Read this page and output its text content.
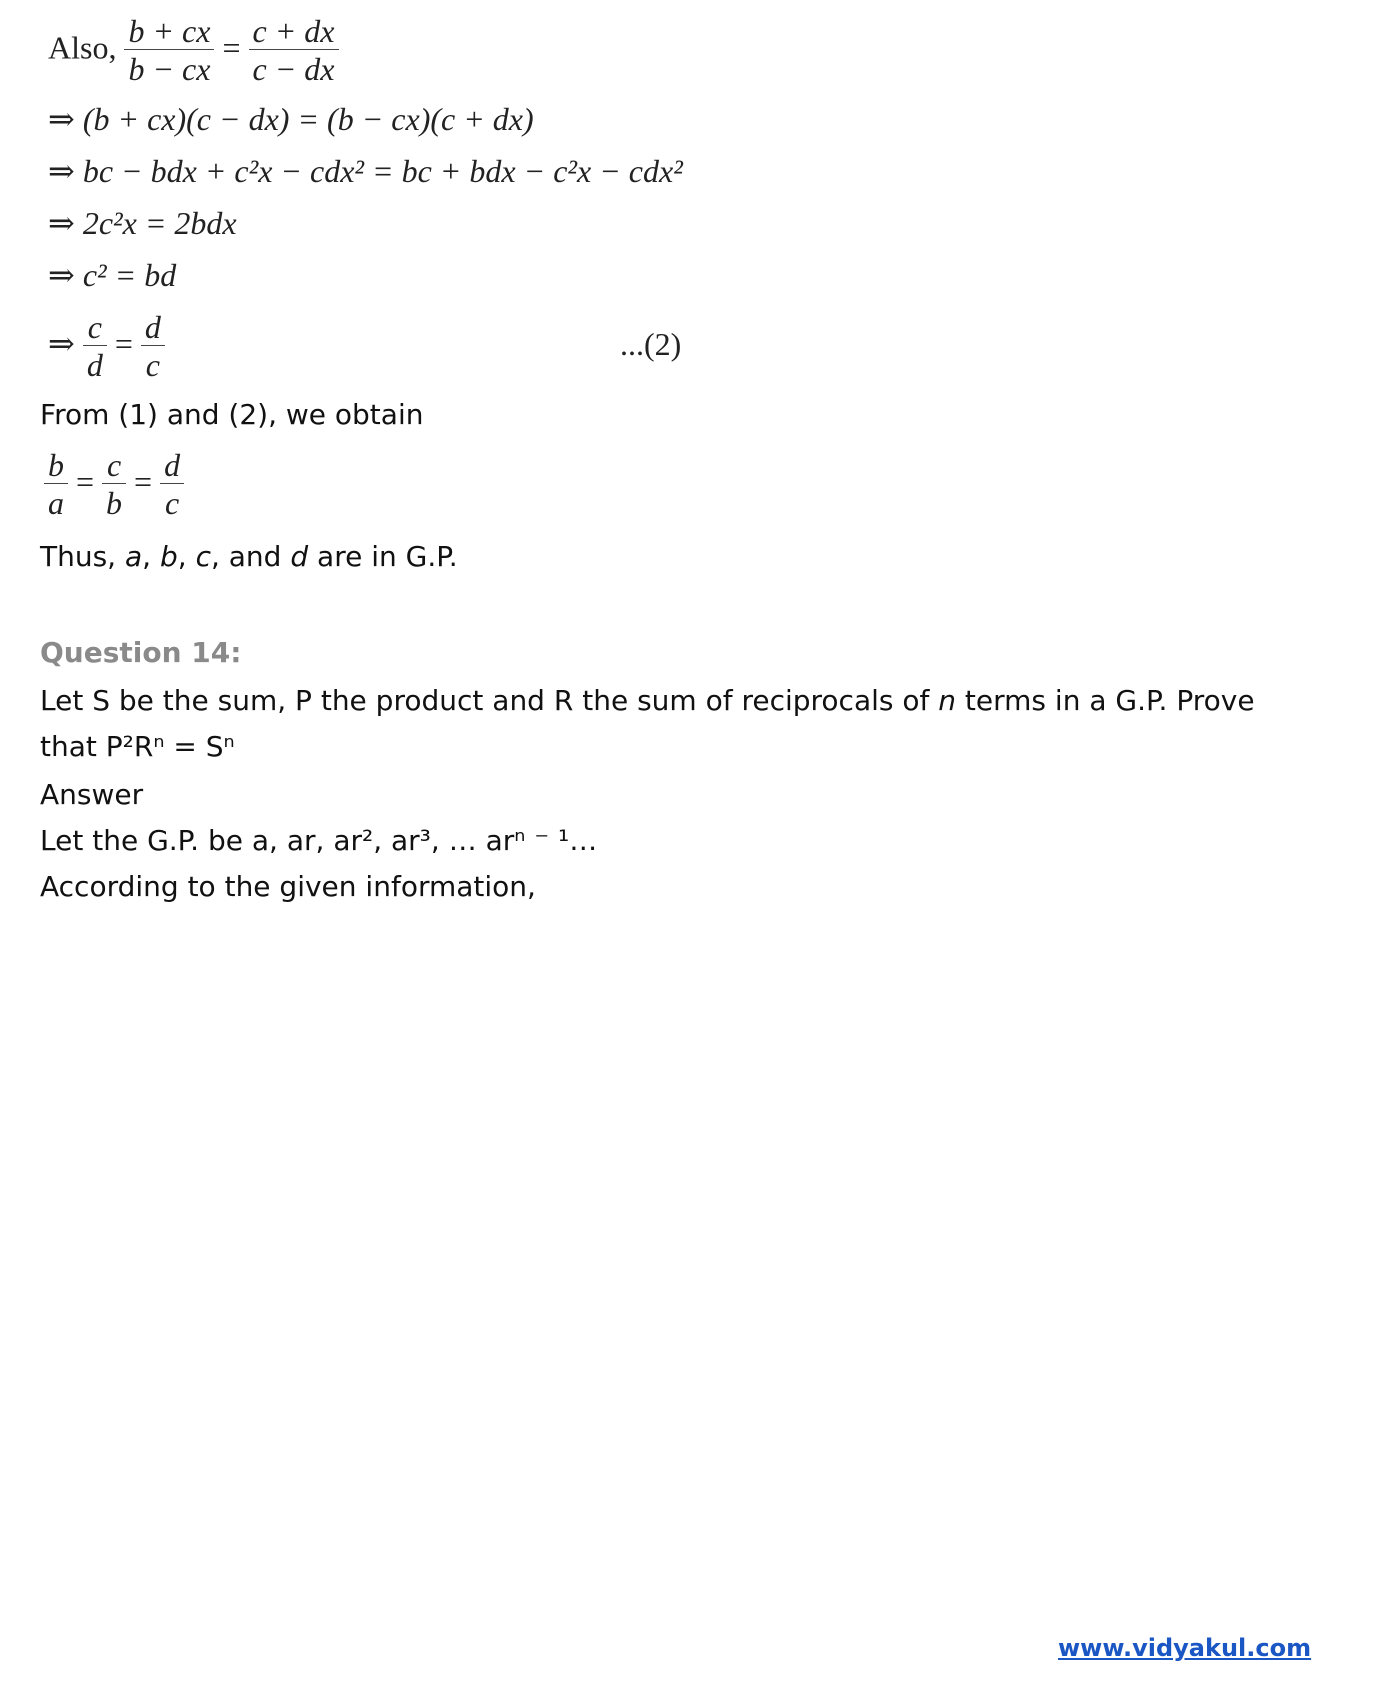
Also, $\frac{b + cx}{b - cx} = \frac{c + dx}{c - dx}$
⇒ (b + cx)(c − dx) = (b − cx)(c + dx)
⇒ bc − bdx + c²x − cdx² = bc + bdx − c²x − cdx²
⇒ 2c²x = 2bdx
⇒ c² = bd
⇒ $\frac{c}{d} = \frac{d}{c}$	...(2)
From (1) and (2), we obtain
$\frac{b}{a} = \frac{c}{b} = \frac{d}{c}$
Thus, a, b, c, and d are in G.P.
Question 14:
Let S be the sum, P the product and R the sum of reciprocals of n terms in a G.P. Prove
that P²Rⁿ = Sⁿ
Answer
Let the G.P. be a, ar, ar², ar³, … arⁿ ⁻ ¹…
According to the given information,
www.vidyakul.com
